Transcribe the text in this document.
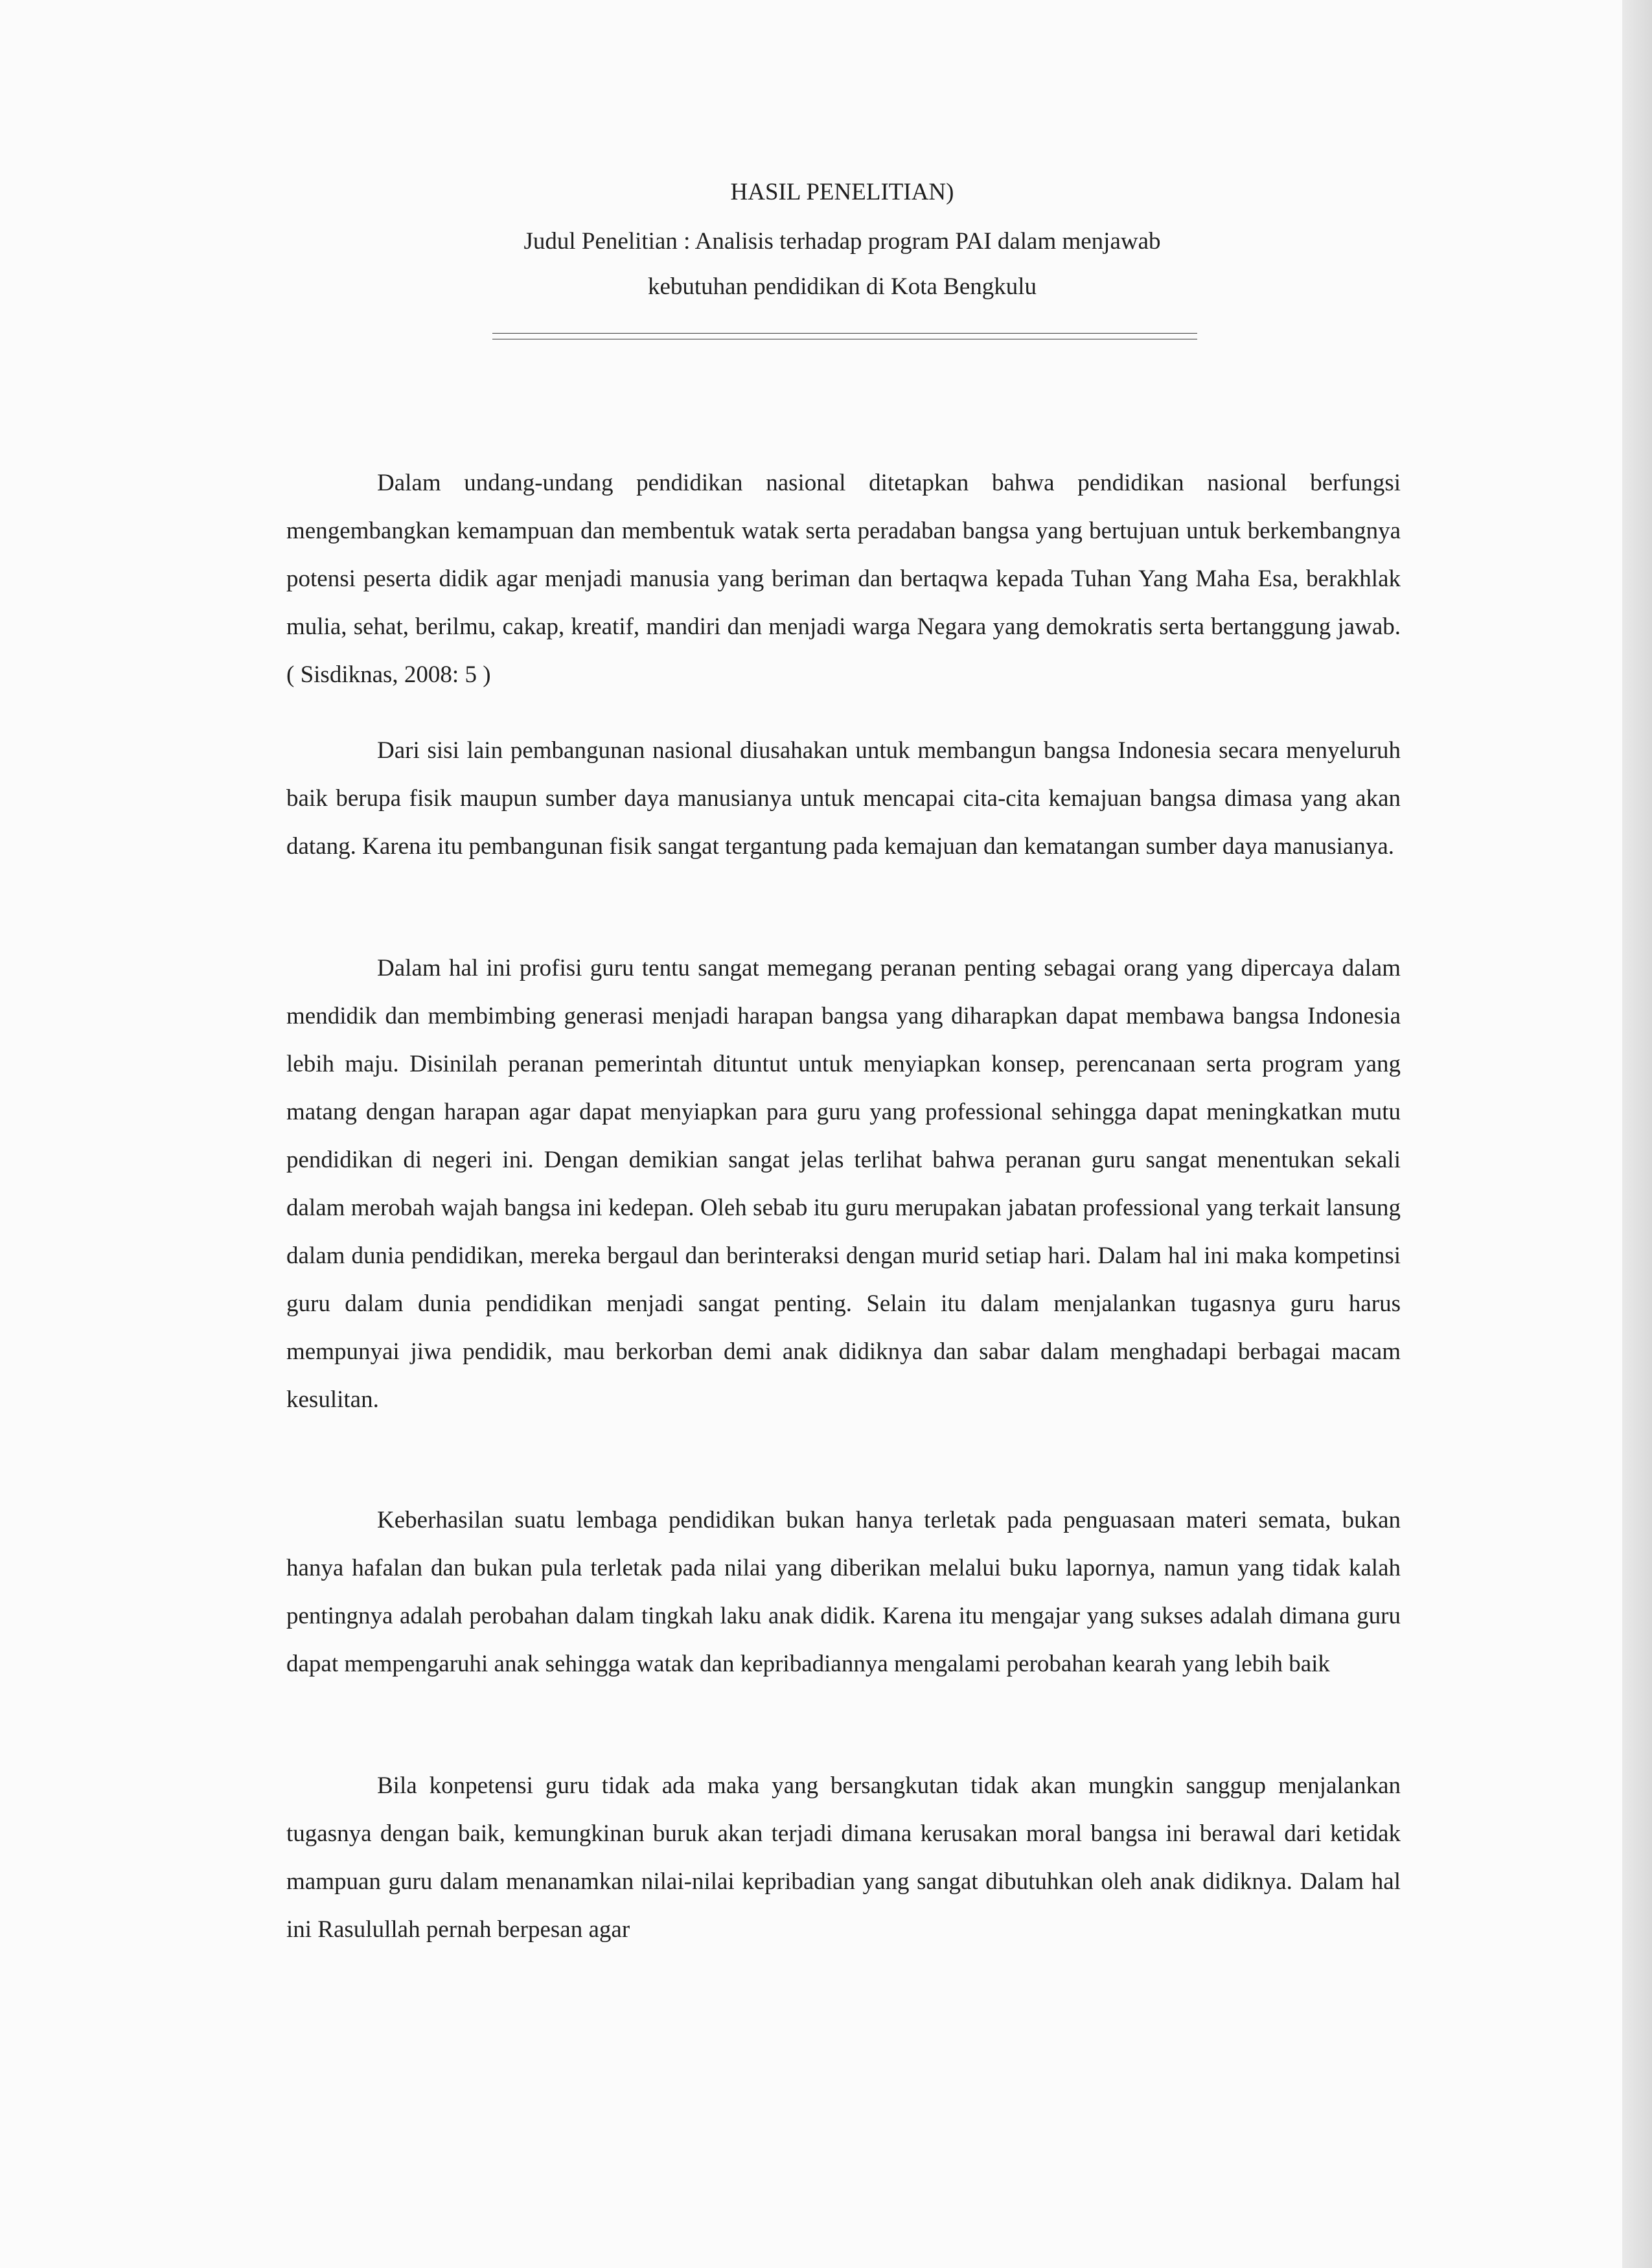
HASIL PENELITIAN)
Judul Penelitian : Analisis terhadap program PAI dalam menjawab
kebutuhan pendidikan di Kota Bengkulu

Dalam undang-undang pendidikan nasional ditetapkan bahwa pendidikan nasional berfungsi mengembangkan kemampuan dan membentuk watak serta peradaban bangsa yang bertujuan untuk berkembangnya potensi peserta didik agar menjadi manusia yang beriman dan bertaqwa kepada Tuhan Yang Maha Esa, berakhlak mulia, sehat, berilmu, cakap, kreatif, mandiri dan menjadi warga Negara yang demokratis serta bertanggung jawab. ( Sisdiknas, 2008: 5 )

Dari sisi lain pembangunan nasional diusahakan untuk membangun bangsa Indonesia secara menyeluruh baik berupa fisik maupun sumber daya manusianya untuk mencapai cita-cita kemajuan bangsa dimasa yang akan datang. Karena itu pembangunan fisik sangat tergantung pada kemajuan dan kematangan sumber daya manusianya.

Dalam hal ini profisi guru tentu sangat memegang peranan penting sebagai orang yang dipercaya dalam mendidik dan membimbing generasi menjadi harapan bangsa yang diharapkan dapat membawa bangsa Indonesia lebih maju. Disinilah peranan pemerintah dituntut untuk menyiapkan konsep, perencanaan serta program yang matang dengan harapan agar dapat menyiapkan para guru yang professional sehingga dapat meningkatkan mutu pendidikan di negeri ini. Dengan demikian sangat jelas terlihat bahwa peranan guru sangat menentukan sekali dalam merobah wajah bangsa ini kedepan. Oleh sebab itu guru merupakan jabatan professional yang terkait lansung dalam dunia pendidikan, mereka bergaul dan berinteraksi dengan murid setiap hari. Dalam hal ini maka kompetinsi guru dalam dunia pendidikan menjadi sangat penting. Selain itu dalam menjalankan tugasnya guru harus mempunyai jiwa pendidik, mau berkorban demi anak didiknya dan sabar dalam menghadapi berbagai macam kesulitan.

Keberhasilan suatu lembaga pendidikan bukan hanya terletak pada penguasaan materi semata, bukan hanya hafalan dan bukan pula terletak pada nilai yang diberikan melalui buku lapornya, namun yang tidak kalah pentingnya adalah perobahan dalam tingkah laku anak didik. Karena itu mengajar yang sukses adalah dimana guru dapat mempengaruhi anak sehingga watak dan kepribadiannya mengalami perobahan kearah yang lebih baik

Bila konpetensi guru tidak ada maka yang bersangkutan tidak akan mungkin sanggup menjalankan tugasnya dengan baik, kemungkinan buruk akan terjadi dimana kerusakan moral bangsa ini berawal dari ketidak mampuan guru dalam menanamkan nilai-nilai kepribadian yang sangat dibutuhkan oleh anak didiknya. Dalam hal ini Rasulullah pernah berpesan agar
